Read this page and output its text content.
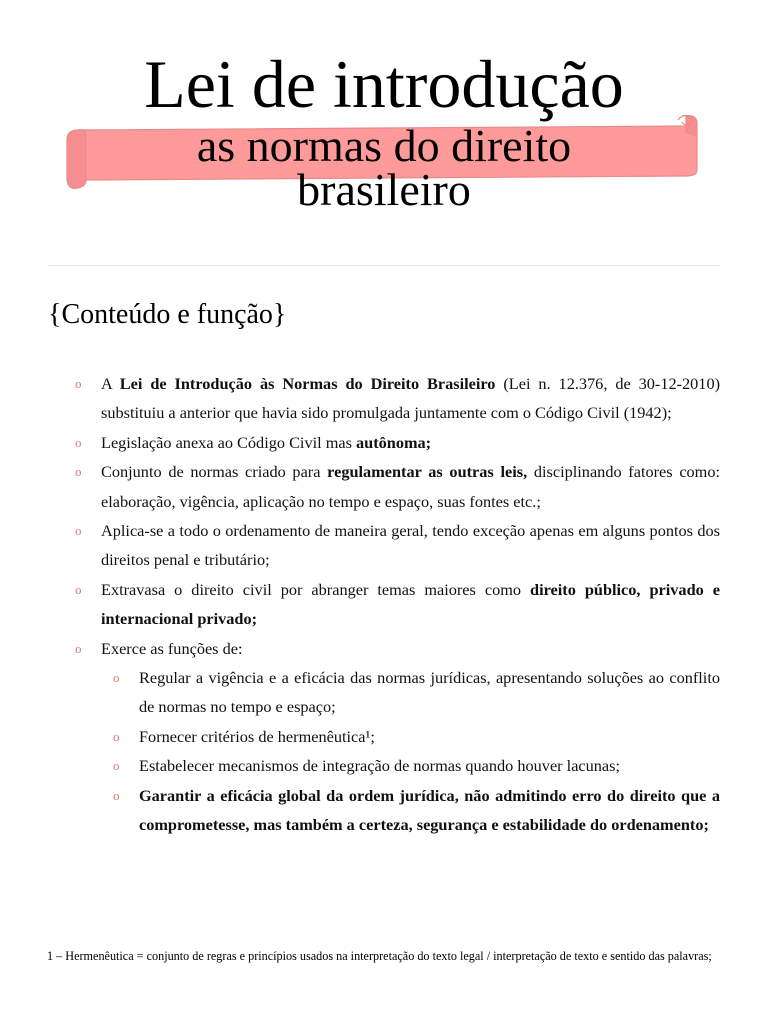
Lei de introdução
as normas do direito
brasileiro
{Conteúdo e função}
o A Lei de Introdução às Normas do Direito Brasileiro (Lei n. 12.376, de 30-12-2010) substituiu a anterior que havia sido promulgada juntamente com o Código Civil (1942);
o Legislação anexa ao Código Civil mas autônoma;
o Conjunto de normas criado para regulamentar as outras leis, disciplinando fatores como: elaboração, vigência, aplicação no tempo e espaço, suas fontes etc.;
o Aplica-se a todo o ordenamento de maneira geral, tendo exceção apenas em alguns pontos dos direitos penal e tributário;
o Extravasa o direito civil por abranger temas maiores como direito público, privado e internacional privado;
o Exerce as funções de:
o Regular a vigência e a eficácia das normas jurídicas, apresentando soluções ao conflito de normas no tempo e espaço;
o Fornecer critérios de hermenêutica¹;
o Estabelecer mecanismos de integração de normas quando houver lacunas;
o Garantir a eficácia global da ordem jurídica, não admitindo erro do direito que a comprometesse, mas também a certeza, segurança e estabilidade do ordenamento;
1 – Hermenêutica = conjunto de regras e princípios usados na interpretação do texto legal / interpretação de texto e sentido das palavras;
